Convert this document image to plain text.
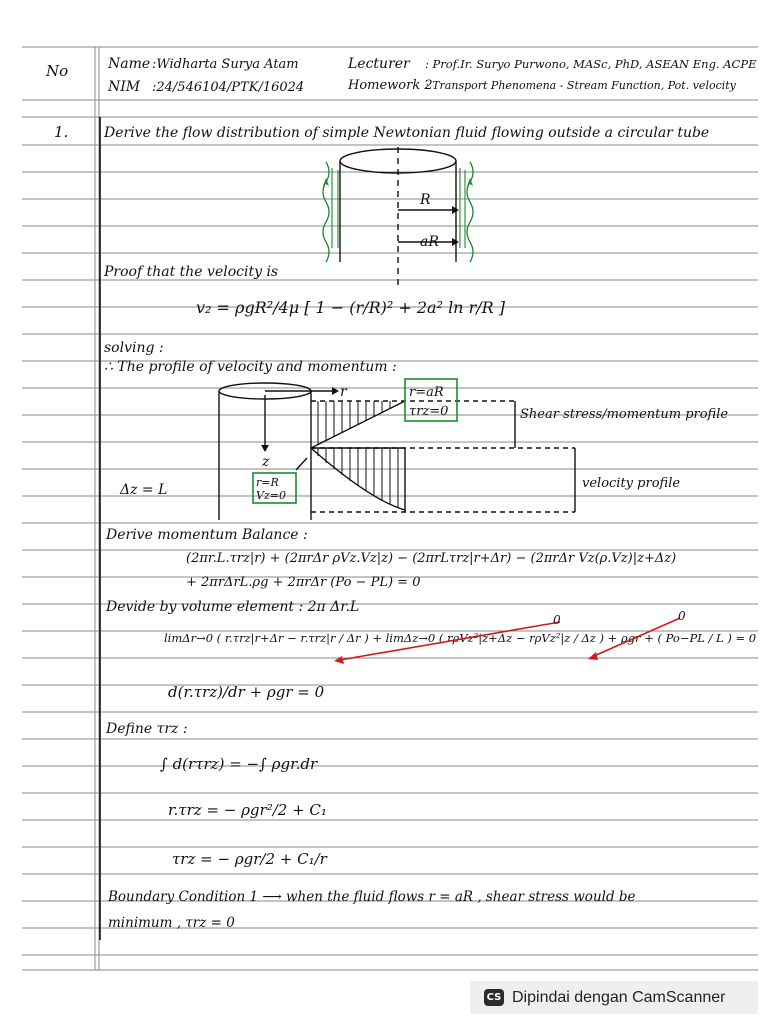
No	Name :Widharta Surya Atam
NIM :24/546104/PTK/16024
Lecturer : Prof.Ir. Suryo Purwono, MASc, PhD, ASEAN Eng. ACPE
Homework 2
: Transport Phenomena - Stream Function, Pot. velocity
1.	Derive the flow distribution of simple Newtonian fluid flowing outside a circular tube
R
aR
Proof that the velocity is
v₂ = ρgR²/4μ [ 1 − (r/R)² + 2a² ln r/R ]
solving :
∴ The profile of velocity and momentum :
r
z
r=aR
τrz=0
r=R
Vz=0
Shear stress/momentum profile
velocity profile
Δz = L
Derive momentum Balance :
(2πr.L.τrz|r) + (2πrΔr ρVz.Vz|z) − (2πrLτrz|r+Δr) − (2πrΔr Vz(ρ.Vz)|z+Δz)
+ 2πrΔrL.ρg + 2πrΔr (Po − PL) = 0
Devide by volume element : 2π Δr.L
limΔr→0 ( r.τrz|r+Δr − r.τrz|r / Δr ) + limΔz→0 ( rρVz²|z+Δz − rρVz²|z / Δz ) + ρgr + ( Po−PL / L ) = 0
0	0
d(r.τrz)/dr + ρgr = 0
Define τrz :
∫ d(rτrz) = −∫ ρgr.dr
r.τrz = − ρgr²/2 + C₁
τrz = − ρgr/2 + C₁/r
Boundary Condition 1 ⟶ when the fluid flows r = aR , shear stress would be
minimum , τrz = 0
CS Dipindai dengan CamScanner
